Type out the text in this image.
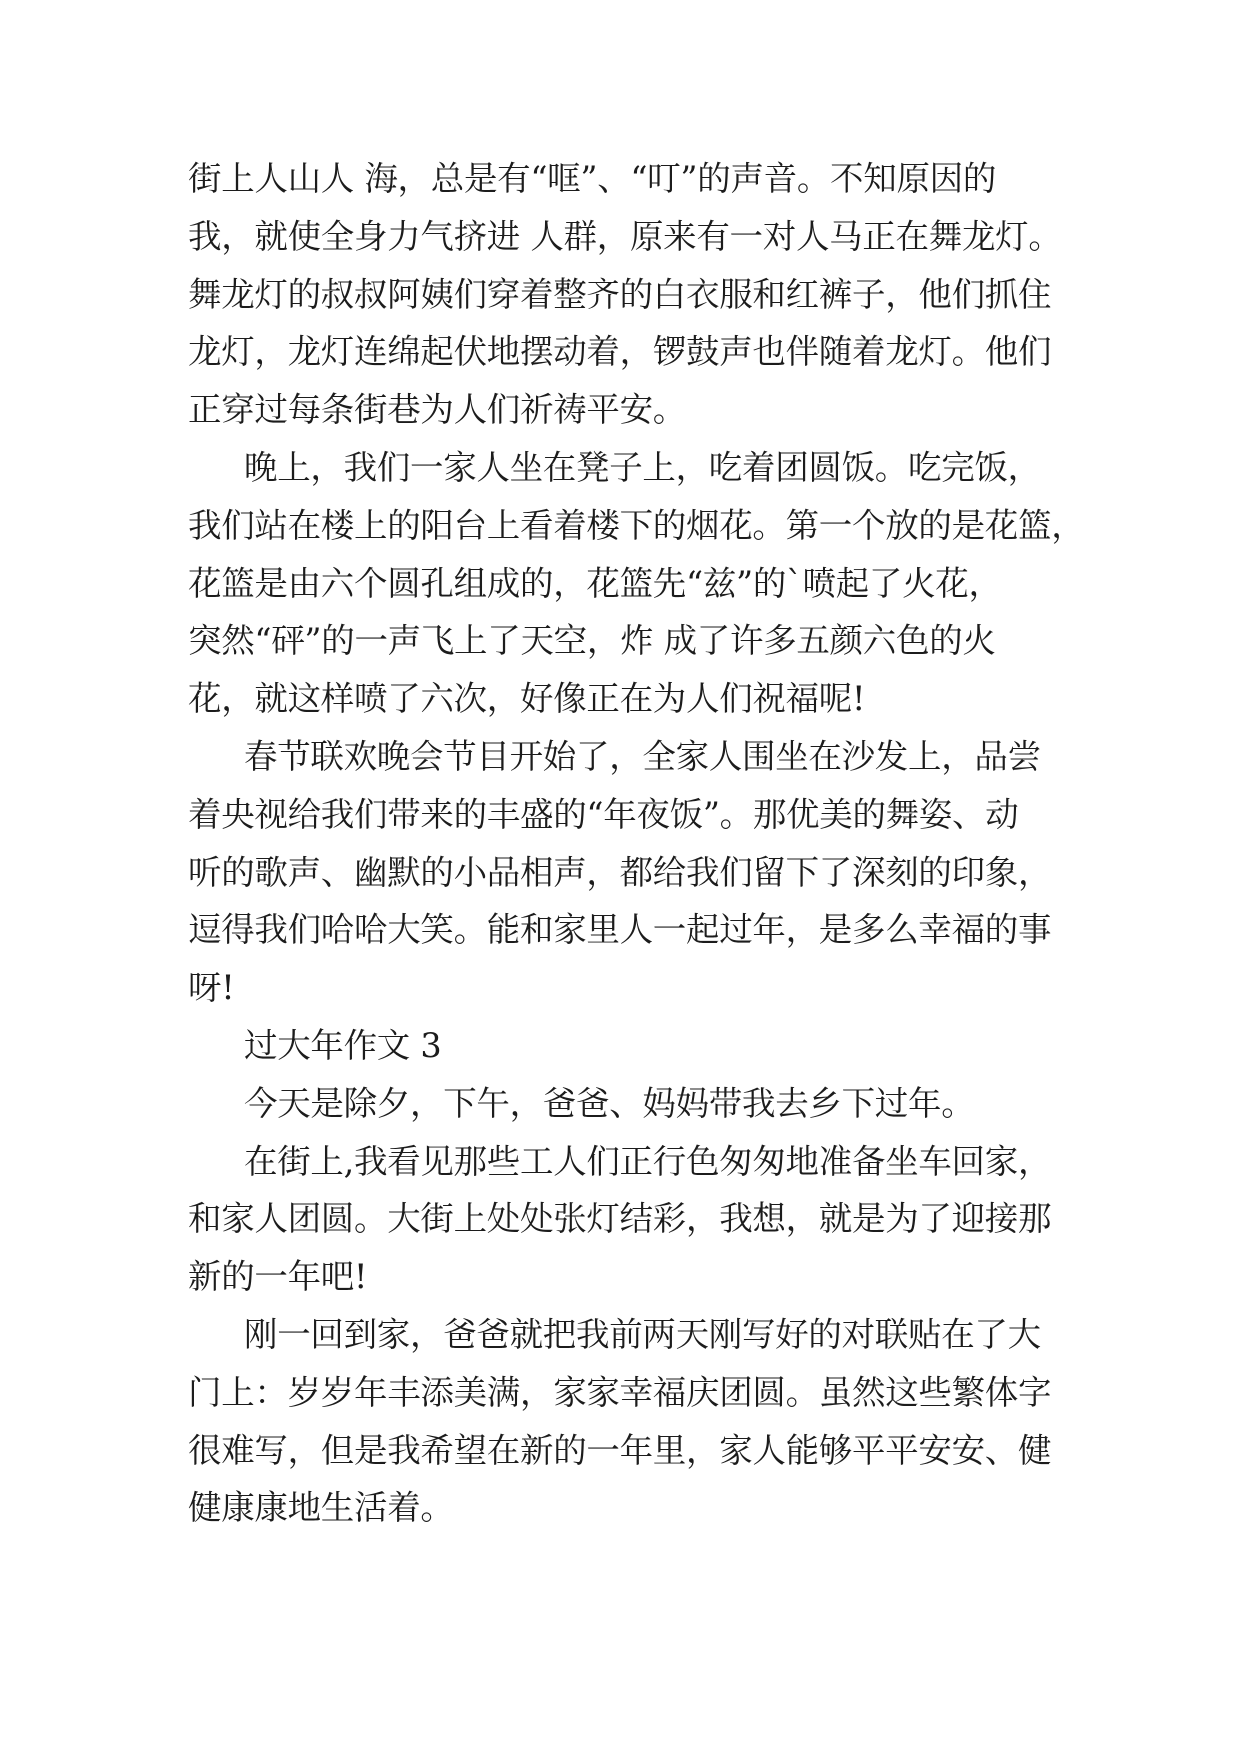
街上人山人 海，总是有“哐”、“叮”的声音。不知原因的
我，就使全身力气挤进 人群，原来有一对人马正在舞龙灯。
舞龙灯的叔叔阿姨们穿着整齐的白衣服和红裤子，他们抓住
龙灯，龙灯连绵起伏地摆动着，锣鼓声也伴随着龙灯。他们
正穿过每条街巷为人们祈祷平安。
晚上，我们一家人坐在凳子上，吃着团圆饭。吃完饭，
我们站在楼上的阳台上看着楼下的烟花。第一个放的是花篮，
花篮是由六个圆孔组成的，花篮先“兹”的`喷起了火花，
突然“砰”的一声飞上了天空，炸 成了许多五颜六色的火
花，就这样喷了六次，好像正在为人们祝福呢!
春节联欢晚会节目开始了，全家人围坐在沙发上，品尝
着央视给我们带来的丰盛的“年夜饭”。那优美的舞姿、动
听的歌声、幽默的小品相声，都给我们留下了深刻的印象，
逗得我们哈哈大笑。能和家里人一起过年，是多么幸福的事
呀!
过大年作文 3
今天是除夕，下午，爸爸、妈妈带我去乡下过年。
在街上,我看见那些工人们正行色匆匆地准备坐车回家，
和家人团圆。大街上处处张灯结彩，我想，就是为了迎接那
新的一年吧!
刚一回到家，爸爸就把我前两天刚写好的对联贴在了大
门上：岁岁年丰添美满，家家幸福庆团圆。虽然这些繁体字
很难写，但是我希望在新的一年里，家人能够平平安安、健
健康康地生活着。
